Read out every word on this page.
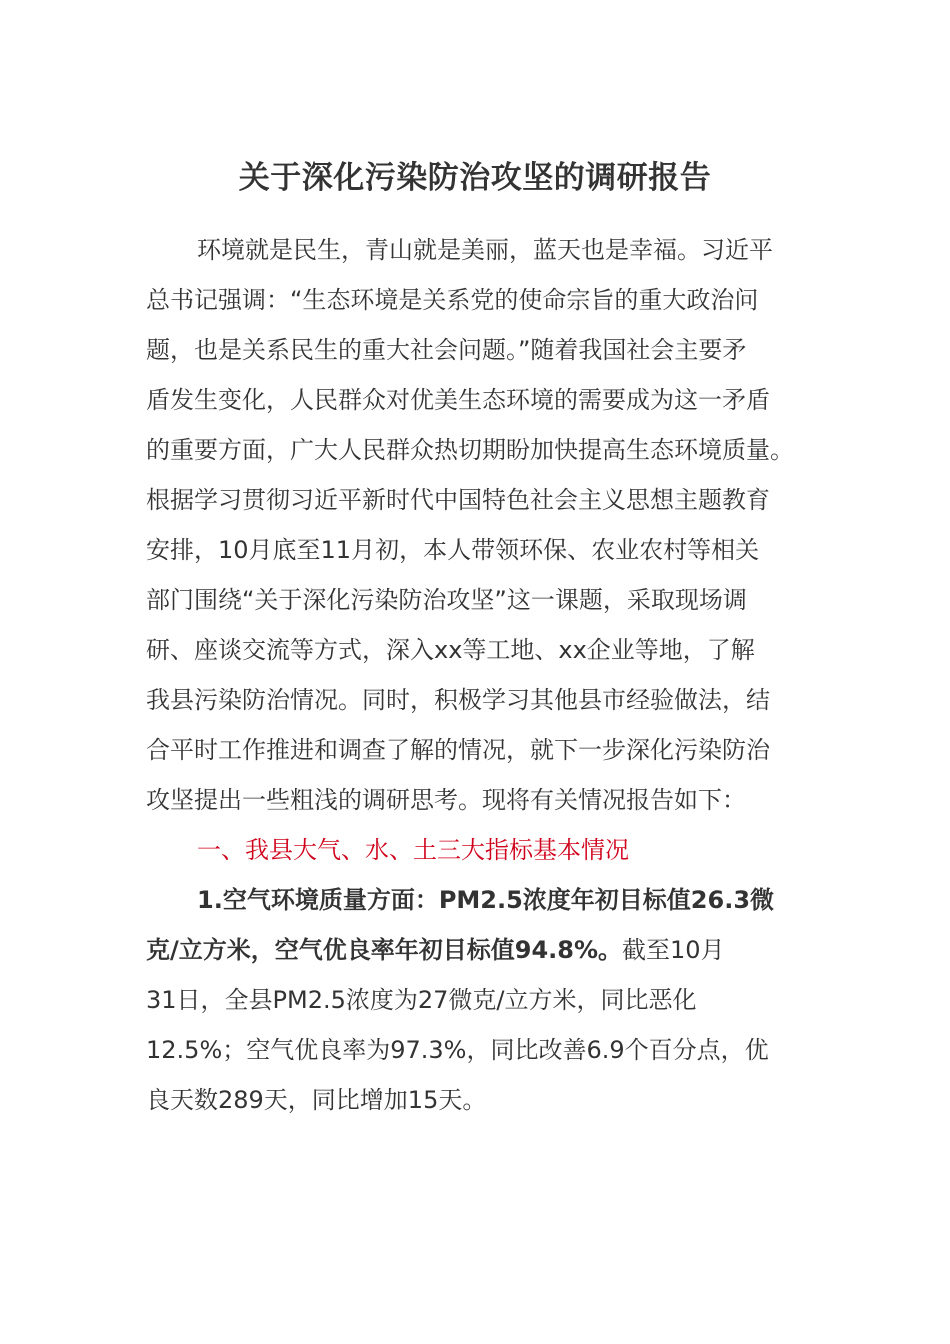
关于深化污染防治攻坚的调研报告
环境就是民生，青山就是美丽，蓝天也是幸福。习近平
总书记强调：“生态环境是关系党的使命宗旨的重大政治问
题，也是关系民生的重大社会问题。”随着我国社会主要矛
盾发生变化，人民群众对优美生态环境的需要成为这一矛盾
的重要方面，广大人民群众热切期盼加快提高生态环境质量。
根据学习贯彻习近平新时代中国特色社会主义思想主题教育
安排，10月底至11月初，本人带领环保、农业农村等相关
部门围绕“关于深化污染防治攻坚”这一课题，采取现场调
研、座谈交流等方式，深入xx等工地、xx企业等地，了解
我县污染防治情况。同时，积极学习其他县市经验做法，结
合平时工作推进和调查了解的情况，就下一步深化污染防治
攻坚提出一些粗浅的调研思考。现将有关情况报告如下：
一、我县大气、水、土三大指标基本情况
1.空气环境质量方面：PM2.5浓度年初目标值26.3微
克/立方米，空气优良率年初目标值94.8%。截至10月
31日，全县PM2.5浓度为27微克/立方米，同比恶化
12.5%；空气优良率为97.3%，同比改善6.9个百分点，优
良天数289天，同比增加15天。
